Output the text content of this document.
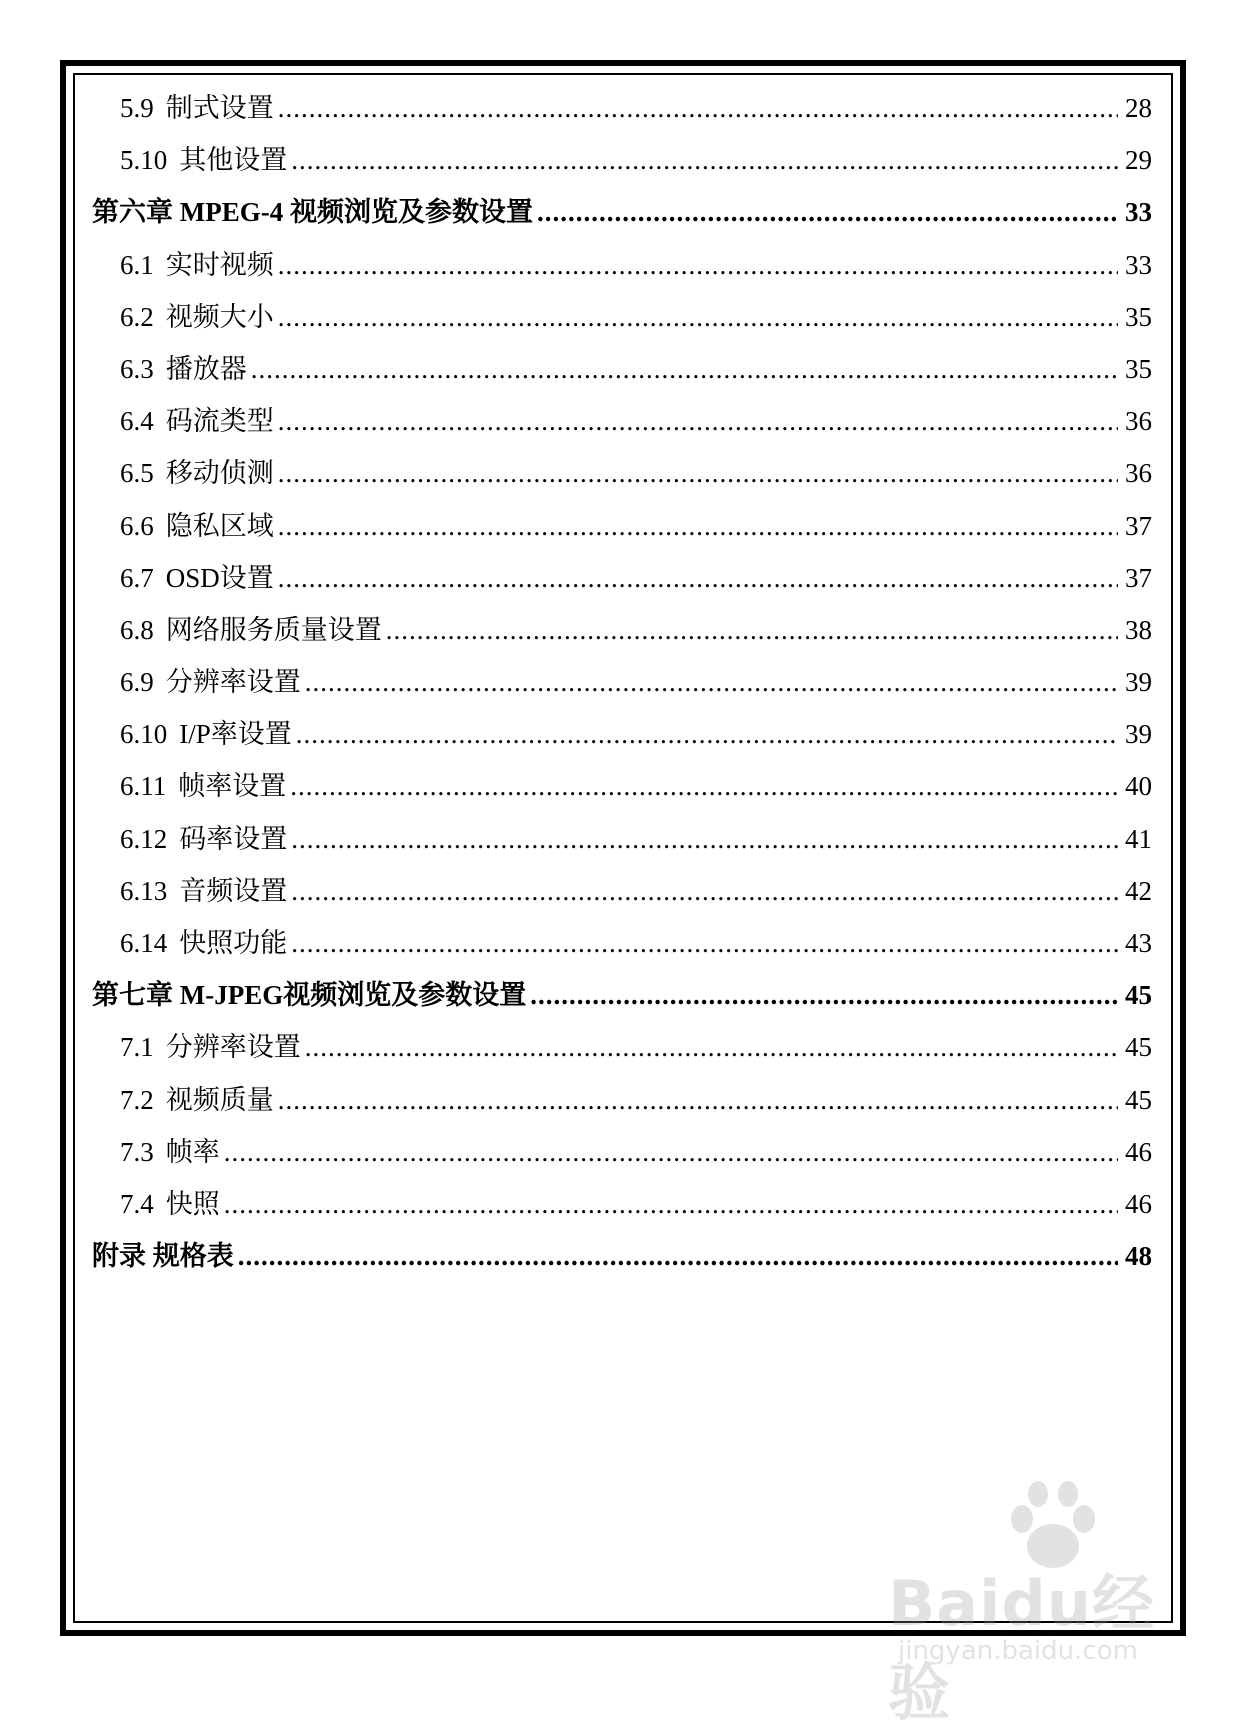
5.9 制式设置 .....	28
5.10 其他设置 .....	29
第六章 MPEG-4 视频浏览及参数设置 .....	33
6.1 实时视频 .....	33
6.2 视频大小 .....	35
6.3 播放器 .....	35
6.4 码流类型 .....	36
6.5 移动侦测 .....	36
6.6 隐私区域 .....	37
6.7 OSD设置 .....	37
6.8 网络服务质量设置 .....	38
6.9 分辨率设置 .....	39
6.10 I/P率设置 .....	39
6.11 帧率设置 .....	40
6.12 码率设置 .....	41
6.13 音频设置 .....	42
6.14 快照功能 .....	43
第七章 M-JPEG视频浏览及参数设置 .....	45
7.1 分辨率设置 .....	45
7.2 视频质量 .....	45
7.3 帧率 .....	46
7.4 快照 .....	46
附录 规格表 .....	48
Baidu经验
jingyan.baidu.com
